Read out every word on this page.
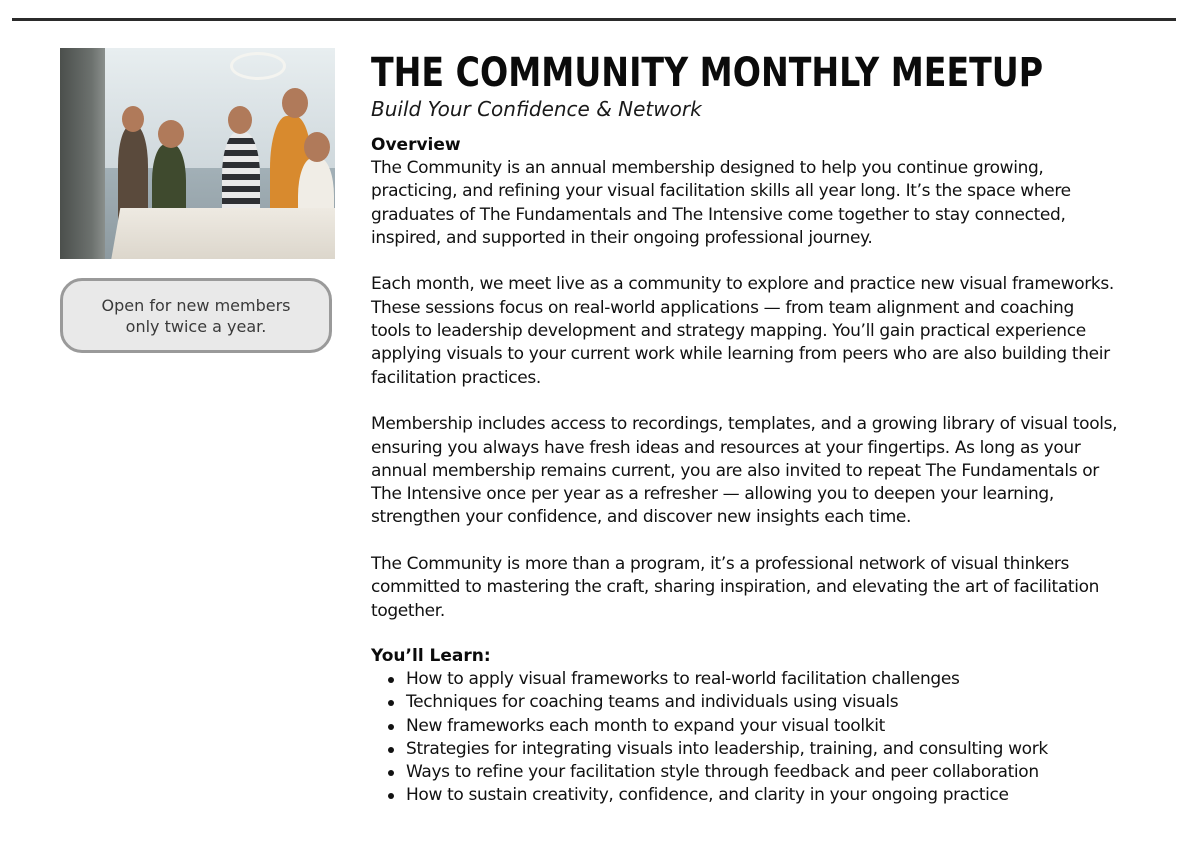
Open for new members only twice a year.
THE COMMUNITY MONTHLY MEETUP
Build Your Confidence & Network
Overview

The Community is an annual membership designed to help you continue growing,

practicing, and refining your visual facilitation skills all year long. It’s the space where

graduates of The Fundamentals and The Intensive come together to stay connected,

inspired, and supported in their ongoing professional journey.

Each month, we meet live as a community to explore and practice new visual frameworks.

These sessions focus on real-world applications — from team alignment and coaching

tools to leadership development and strategy mapping. You’ll gain practical experience

applying visuals to your current work while learning from peers who are also building their

facilitation practices.

Membership includes access to recordings, templates, and a growing library of visual tools,

ensuring you always have fresh ideas and resources at your fingertips. As long as your

annual membership remains current, you are also invited to repeat The Fundamentals or

The Intensive once per year as a refresher — allowing you to deepen your learning,

strengthen your confidence, and discover new insights each time.

The Community is more than a program, it’s a professional network of visual thinkers

committed to mastering the craft, sharing inspiration, and elevating the art of facilitation

together.

You’ll Learn:
How to apply visual frameworks to real-world facilitation challenges
Techniques for coaching teams and individuals using visuals
New frameworks each month to expand your visual toolkit
Strategies for integrating visuals into leadership, training, and consulting work
Ways to refine your facilitation style through feedback and peer collaboration
How to sustain creativity, confidence, and clarity in your ongoing practice
